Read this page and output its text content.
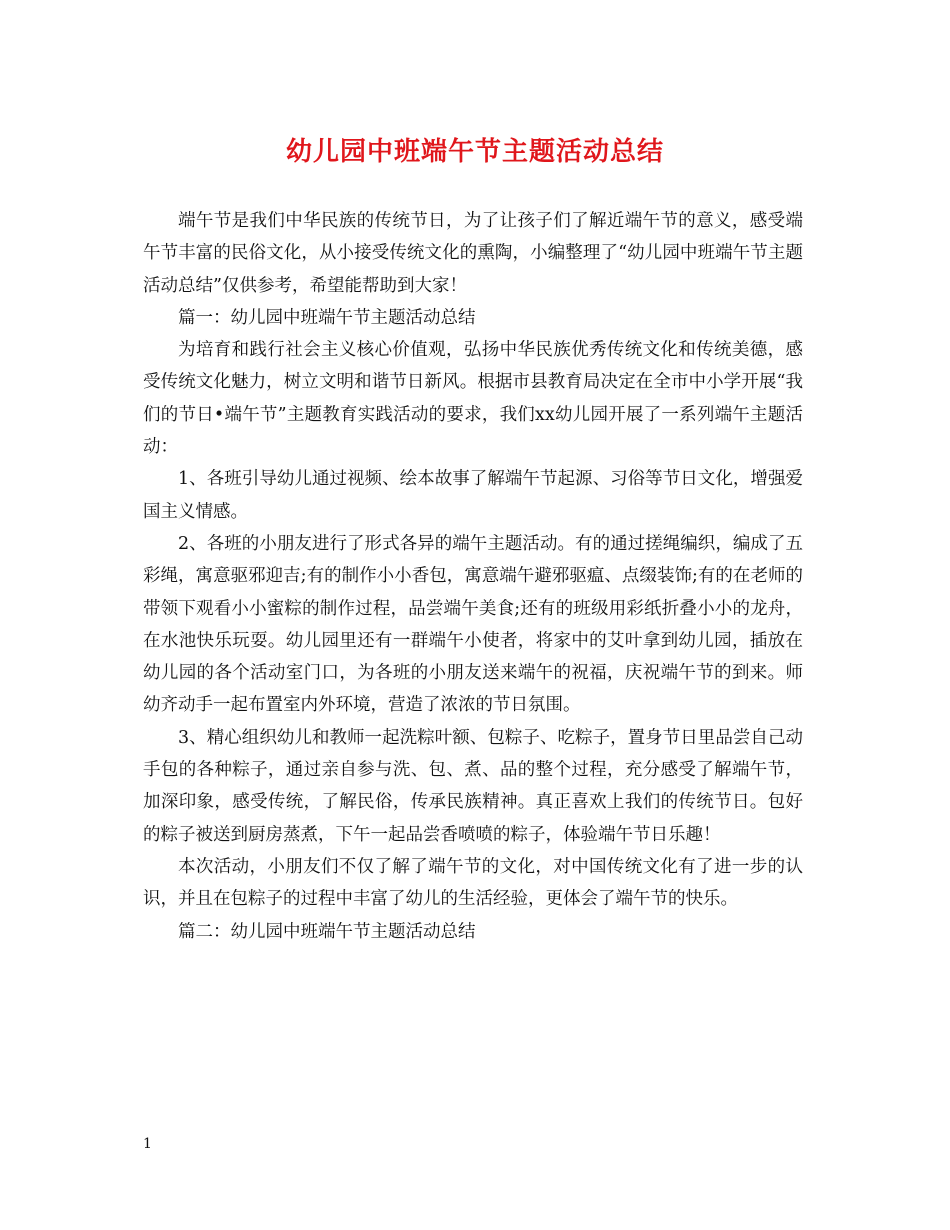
幼儿园中班端午节主题活动总结

端午节是我们中华民族的传统节日，为了让孩子们了解近端午节的意义，感受端午节丰富的民俗文化，从小接受传统文化的熏陶，小编整理了“幼儿园中班端午节主题活动总结”仅供参考，希望能帮助到大家！

篇一：幼儿园中班端午节主题活动总结

为培育和践行社会主义核心价值观，弘扬中华民族优秀传统文化和传统美德，感受传统文化魅力，树立文明和谐节日新风。根据市县教育局决定在全市中小学开展“我们的节日•端午节”主题教育实践活动的要求，我们xx幼儿园开展了一系列端午主题活动：

1、各班引导幼儿通过视频、绘本故事了解端午节起源、习俗等节日文化，增强爱国主义情感。

2、各班的小朋友进行了形式各异的端午主题活动。有的通过搓绳编织，编成了五彩绳，寓意驱邪迎吉;有的制作小小香包，寓意端午避邪驱瘟、点缀装饰;有的在老师的带领下观看小小蜜粽的制作过程，品尝端午美食;还有的班级用彩纸折叠小小的龙舟，在水池快乐玩耍。幼儿园里还有一群端午小使者，将家中的艾叶拿到幼儿园，插放在幼儿园的各个活动室门口，为各班的小朋友送来端午的祝福，庆祝端午节的到来。师幼齐动手一起布置室内外环境，营造了浓浓的节日氛围。

3、精心组织幼儿和教师一起洗粽叶额、包粽子、吃粽子，置身节日里品尝自己动手包的各种粽子，通过亲自参与洗、包、煮、品的整个过程，充分感受了解端午节，加深印象，感受传统，了解民俗，传承民族精神。真正喜欢上我们的传统节日。包好的粽子被送到厨房蒸煮，下午一起品尝香喷喷的粽子，体验端午节日乐趣！

本次活动，小朋友们不仅了解了端午节的文化，对中国传统文化有了进一步的认识，并且在包粽子的过程中丰富了幼儿的生活经验，更体会了端午节的快乐。

篇二：幼儿园中班端午节主题活动总结

1
